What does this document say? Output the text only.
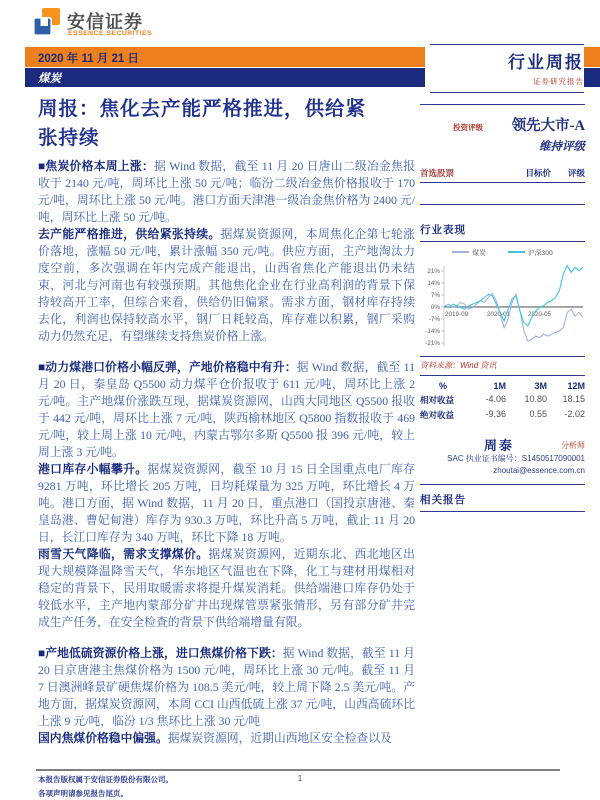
安信证券
ESSENCE SECURITIES
2020 年 11 月 21 日
煤炭
行业周报
证券研究报告
周报：焦化去产能严格推进，供给紧张持续

■焦炭价格本周上涨：据 Wind 数据，截至 11 月 20 日唐山二级冶金焦报收于 2140 元/吨，周环比上涨 50 元/吨；临汾二级冶金焦价格报收于 170 元/吨，周环比上涨 50 元/吨。港口方面天津港一级冶金焦价格为 2400 元/吨，周环比上涨 50 元/吨。

去产能严格推进，供给紧张持续。据煤炭资源网，本周焦化企第七轮涨价落地，涨幅 50 元/吨，累计涨幅 350 元/吨。供应方面，主产地淘汰力度空前，多次强调在年内完成产能退出，山西省焦化产能退出仍未结束，河北与河南也有较强预期。其他焦化企业在行业高利润的背景下保持较高开工率，但综合来看，供给仍旧偏紧。需求方面，钢材库存持续去化，利润也保持较高水平，钢厂日耗较高，库存难以积累，钢厂采购动力仍然充足，有望继续支持焦炭价格上涨。

■动力煤港口价格小幅反弹，产地价格稳中有升：据 Wind 数据，截至 11 月 20 日，秦皇岛 Q5500 动力煤平仓价报收于 611 元/吨，周环比上涨 2 元/吨。主产地煤价涨跌互现，据煤炭资源网，山西大同地区 Q5500 报收于 442 元/吨，周环比上涨 7 元/吨，陕西榆林地区 Q5800 指数报收于 469 元/吨，较上周上涨 10 元/吨，内蒙古鄂尔多斯 Q5500 报 396 元/吨，较上周上涨 3 元/吨。

港口库存小幅攀升。据煤炭资源网，截至 10 月 15 日全国重点电厂库存 9281 万吨，环比增长 205 万吨，日均耗煤量为 325 万吨，环比增长 4 万吨。港口方面，据 Wind 数据，11 月 20 日，重点港口（国投京唐港、秦皇岛港、曹妃甸港）库存为 930.3 万吨，环比升高 5 万吨，截止 11 月 20 日，长江口库存为 340 万吨，环比下降 18 万吨。

雨雪天气降临，需求支撑煤价。据煤炭资源网，近期东北、西北地区出现大规模降温降雪天气，华东地区气温也在下降，化工与建材用煤相对稳定的背景下，民用取暖需求将提升煤炭消耗。供给端港口库存仍处于较低水平，主产地内蒙部分矿井出现煤管票紧张情形，另有部分矿井完成生产任务，在安全检查的背景下供给端增量有限。

■产地低硫资源价格上涨，进口焦煤价格下跌：据 Wind 数据，截至 11 月 20 日京唐港主焦煤价格为 1500 元/吨，周环比上涨 30 元/吨。截至 11 月 7 日澳洲峰景矿硬焦煤价格为 108.5 美元/吨，较上周下降 2.5 美元/吨。产地方面，据煤炭资源网，本周 CCI 山西低硫上涨 37 元/吨，山西高硫环比上涨 9 元/吨，临汾 1/3 焦环比上涨 30 元/吨

国内焦煤价格稳中偏强。据煤炭资源网，近期山西地区安全检查以及

投资评级	领先大市-A
维持评级
首选股票	目标价 评级
行业表现
煤炭	沪深300
21%
14%
7%
0%
-7%
-14%
-21%
2019-09	2020-01	2020-05
资料来源：Wind 资讯
%	1M	3M	12M
相对收益	-4.06	10.80	18.15
绝对收益	-9.36	0.55	-2.02
周泰	分析师
SAC 执业证书编号：S1450517090001
zhoutai@essence.com.cn
相关报告
1
本报告版权属于安信证券股份有限公司。
各项声明请参见报告尾页。
